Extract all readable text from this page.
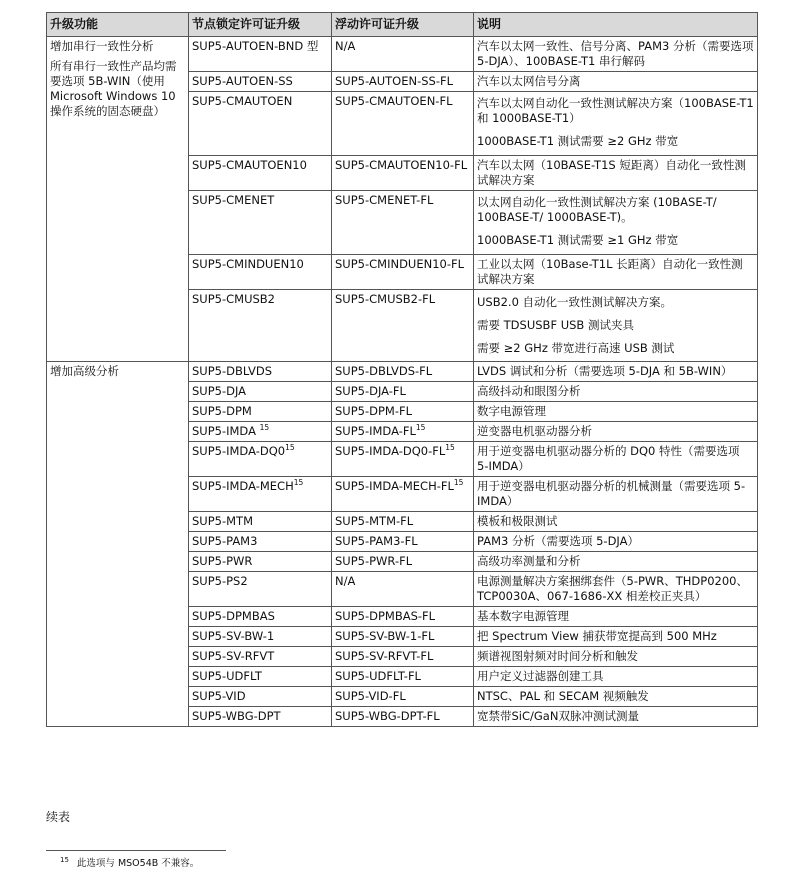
升级功能	节点锁定许可证升级	浮动许可证升级	说明

增加串行一致性分析

所有串行一致性产品均需要选项 5B-WIN（使用 Microsoft Windows 10 操作系统的固态硬盘）	SUP5-AUTOEN-BND 型	N/A	汽车以太网一致性、信号分离、PAM3 分析（需要选项 5-DJA）、100BASE-T1 串行解码

	SUP5-AUTOEN-SS	SUP5-AUTOEN-SS-FL	汽车以太网信号分离

	SUP5-CMAUTOEN	SUP5-CMAUTOEN-FL	汽车以太网自动化一致性测试解决方案（100BASE-T1 和 1000BASE-T1）

1000BASE-T1 测试需要 ≥2 GHz 带宽

	SUP5-CMAUTOEN10	SUP5-CMAUTOEN10-FL	汽车以太网（10BASE-T1S 短距离）自动化一致性测试解决方案

	SUP5-CMENET	SUP5-CMENET-FL	以太网自动化一致性测试解决方案 (10BASE-T/ 100BASE-T/ 1000BASE-T)。

1000BASE-T1 测试需要 ≥1 GHz 带宽

	SUP5-CMINDUEN10	SUP5-CMINDUEN10-FL	工业以太网（10Base-T1L 长距离）自动化一致性测试解决方案

	SUP5-CMUSB2	SUP5-CMUSB2-FL	USB2.0 自动化一致性测试解决方案。

需要 TDSUSBF USB 测试夹具

需要 ≥2 GHz 带宽进行高速 USB 测试

增加高级分析	SUP5-DBLVDS	SUP5-DBLVDS-FL	LVDS 调试和分析（需要选项 5-DJA 和 5B-WIN）
	SUP5-DJA	SUP5-DJA-FL	高级抖动和眼图分析
	SUP5-DPM	SUP5-DPM-FL	数字电源管理
	SUP5-IMDA $^{15}$	SUP5-IMDA-FL$^{15}$	逆变器电机驱动器分析
	$SUP5-IMDA-DQ0^{15}$	SUP5-IMDA-DQ0-FL$^{15}$	用于逆变器电机驱动器分析的 DQ0 特性（需要选项 5-IMDA）
	SUP5-IMDA-MECH$^{15}$	SUP5-IMDA-MECH-FL$^{15}$	用于逆变器电机驱动器分析的机械测量（需要选项 5-IMDA）
	SUP5-MTM	SUP5-MTM-FL	模板和极限测试
	SUP5-PAM3	SUP5-PAM3-FL	PAM3 分析（需要选项 5-DJA）
	SUP5-PWR	SUP5-PWR-FL	高级功率测量和分析
	SUP5-PS2	N/A	电源测量解决方案捆绑套件（5-PWR、THDP0200、TCP0030A、067-1686-XX 相差校正夹具）
	SUP5-DPMBAS	SUP5-DPMBAS-FL	基本数字电源管理
	SUP5-SV-BW-1	SUP5-SV-BW-1-FL	把 Spectrum View 捕获带宽提高到 500 MHz
	SUP5-SV-RFVT	SUP5-SV-RFVT-FL	频谱视图射频对时间分析和触发
	SUP5-UDFLT	SUP5-UDFLT-FL	用户定义过滤器创建工具
	SUP5-VID	SUP5-VID-FL	NTSC、PAL 和 SECAM 视频触发
	SUP5-WBG-DPT	SUP5-WBG-DPT-FL	宽禁带SiC/GaN双脉冲测试测量
续表
$^{15}$ 此选项与 MSO54B 不兼容。
